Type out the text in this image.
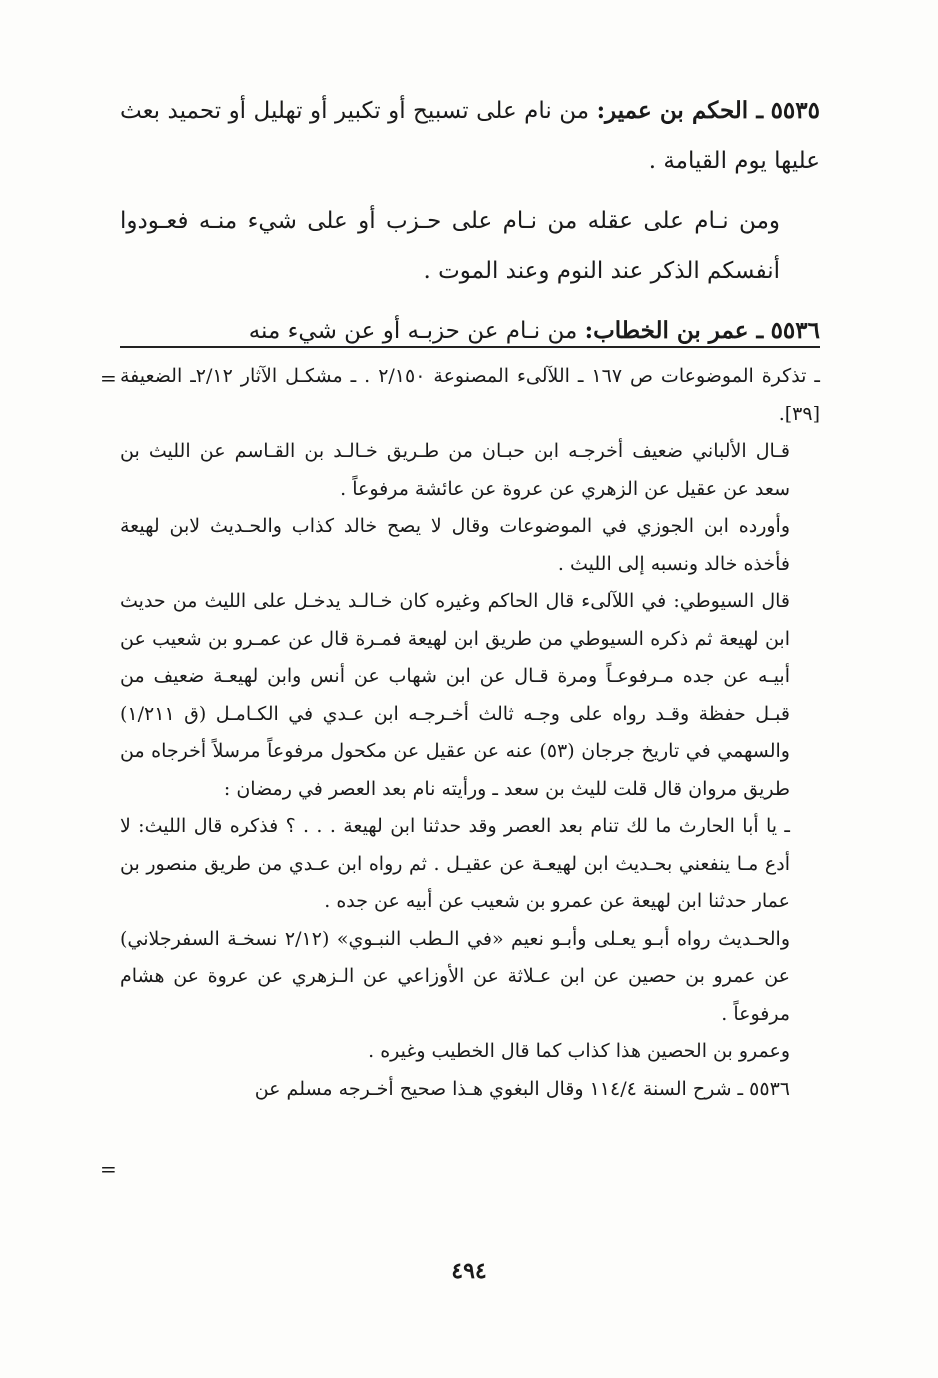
٥٥٣٥ ـ الحكم بن عمير: من نام على تسبيح أو تكبير أو تهليل أو تحميد بعث عليها يوم القيامة .

ومن نـام على عقله من نـام على حـزب أو على شيء منـه فعـودوا أنفسكم الذكر عند النوم وعند الموت .

٥٥٣٦ ـ عمر بن الخطاب: من نـام عن حزبـه أو عن شيء منه

= ـ تذكرة الموضوعات ص ١٦٧ ـ اللآلىء المصنوعة ٢/١٥٠ . ـ مشكـل الآثار ٢/١٢ـ الضعيفة [٣٩].

قـال الألباني ضعيف أخرجـه ابن حبـان من طـريق خـالـد بن القـاسم عن الليث بن سعد عن عقيل عن الزهري عن عروة عن عائشة مرفوعاً .

وأورده ابن الجوزي في الموضوعات وقال لا يصح خالد كذاب والحـديث لابن لهيعة فأخذه خالد ونسبه إلى الليث .

قال السيوطي: في اللآلىء قال الحاكم وغيره كان خـالـد يدخـل على الليث من حديث ابن لهيعة ثم ذكره السيوطي من طريق ابن لهيعة فمـرة قال عن عمـرو بن شعيب عن أبيـه عن جده مـرفوعـاً ومرة قـال عن ابن شهاب عن أنس وابن لهيعـة ضعيف من قبـل حفظة وقـد رواه على وجـه ثالث أخـرجـه ابن عـدي في الكـامـل (ق ١/٢١١) والسهمي في تاريخ جرجان (٥٣) عنه عن عقيل عن مكحول مرفوعاً مرسلاً أخرجاه من طريق مروان قال قلت لليث بن سعد ـ ورأيته نام بعد العصر في رمضان :

ـ يا أبا الحارث ما لك تنام بعد العصر وقد حدثنا ابن لهيعة . . . ؟ فذكره قال الليث: لا أدع مـا ينفعني بحـديث ابن لهيعـة عن عقيـل . ثم رواه ابن عـدي من طريق منصور بن عمار حدثنا ابن لهيعة عن عمرو بن شعيب عن أبيه عن جده .

والحـديث رواه أبـو يعـلى وأبـو نعيم «في الـطب النبـوي» (٢/١٢ نسخـة السفرجلاني) عن عمرو بن حصين عن ابن عـلاثة عن الأوزاعي عن الـزهري عن عروة عن هشام مرفوعاً .

وعمرو بن الحصين هذا كذاب كما قال الخطيب وغيره .

٥٥٣٦ ـ شرح السنة ١١٤/٤ وقال البغوي هـذا صحيح أخـرجه مسلم عن

=
٤٩٤
